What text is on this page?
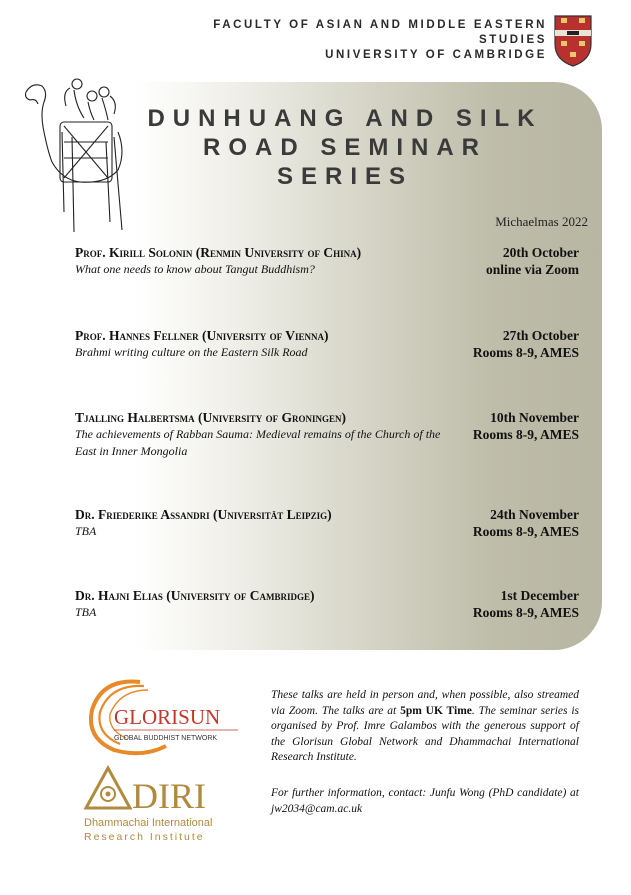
FACULTY OF ASIAN AND MIDDLE EASTERN
STUDIES
UNIVERSITY OF CAMBRIDGE
DUNHUANG AND SILK
ROAD SEMINAR
SERIES
Michaelmas 2022
Prof. Kirill Solonin (Renmin University of China)
What one needs to know about Tangut Buddhism?
20th October
online via Zoom
Prof. Hannes Fellner (University of Vienna)
Brahmi writing culture on the Eastern Silk Road
27th October
Rooms 8-9, AMES
Tjalling Halbertsma (University of Groningen)
The achievements of Rabban Sauma: Medieval remains of the Church of the East in Inner Mongolia
10th November
Rooms 8-9, AMES
Dr. Friederike Assandri (Universität Leipzig)
TBA
24th November
Rooms 8-9, AMES
Dr. Hajni Elias (University of Cambridge)
TBA
1st December
Rooms 8-9, AMES
GLORISUN
GLOBAL BUDDHIST NETWORK
DIRI
Dhammachai International
Research Institute
These talks are held in person and, when possible, also streamed via Zoom. The talks are at 5pm UK Time. The seminar series is organised by Prof. Imre Galambos with the generous support of the Glorisun Global Network and Dhammachai International Research Institute.
For further information, contact: Junfu Wong (PhD candidate) at jw2034@cam.ac.uk
